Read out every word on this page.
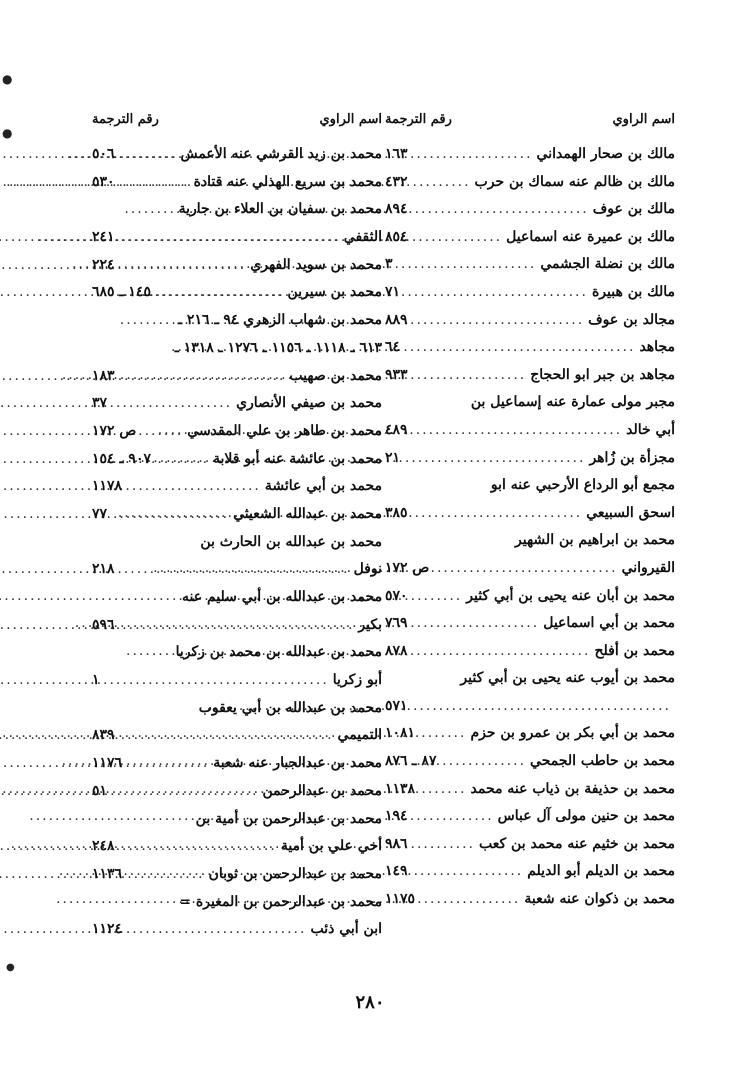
اسم الراوي
رقم الترجمة
مالك بن صحار الهمداني
.....
١٦٣
مالك بن ظالم عنه سماك بن حرب
.....
٤٣٢
مالك بن عوف
.....
٨٩٤
مالك بن عميرة عنه اسماعيل
.....
٨٥٤
مالك بن نضلة الجشمي
.....
٣
مالك بن هبيرة
.....
٧١
مجالد بن عوف
.....
٨٨٩
مجاهد
.....
٦٤
مجاهد بن جبر ابو الحجاج
.....
٩٣٣
مجبر مولى عمارة عنه إسماعيل بن
أبي خالد
.....
٤٨٩
مجزأة بن زُاهر
.....
٢١
مجمع أبو الرداع الأرحبي عنه ابو
اسحق السبيعي
.....
٣٨٥
محمد بن ابراهيم بن الشهير
القيرواني
.....
ص ١٧٢
محمد بن أبان عنه يحيى بن أبي كثير
.....
٥٧٠
محمد بن أبي اسماعيل
.....
٧٦٩
محمد بن أفلح
.....
٨٧٨
محمد بن أيوب عنه يحيى بن أبي كثير
.....
٥٧١
محمد بن أبي بكر بن عمرو بن حزم
.....
١٠٨١
محمد بن حاطب الجمحي
.....
٨٧ ـ ٨٧٦
محمد بن حذيفة بن ذياب عنه محمد
.....
١١٣٨
محمد بن حنين مولى آل عباس
.....
١٩٤
محمد بن خثيم عنه محمد بن كعب
.....
٩٨٦
محمد بن الديلم أبو الديلم
.....
١٤٩
محمد بن ذكوان عنه شعبة
.....
١١٧٥
اسم الراوي
رقم الترجمة
محمد بن زيد القرشي عنه الأعمش
.....
٥٠٦
محمد بن سريع الهذلي عنه قتادة
.....
٥٣٠
محمد بن سفيان بن العلاء بن جارية
الثقفي
.....
٢٤١
محمد بن سويد الفهري
.....
٢٢٤
محمد بن سيرين
.....
١٤٥ ـ ٦٨٥
محمد بن شهاب الزهري ٩٤ ـ ٢١٦ ـ
٦١٣ ـ ١١١٨ ـ ١١٥٦ ـ ١٢٧٦ ـ ١٣١٨ ـ
محمد بن صهيب
.....
١٨٣
محمد بن صيفي الأنصاري
.....
٣٧
محمد بن طاهر بن علي المقدسي
.....
ص ١٧٢
محمد بن عائشة عنه أبو قلابة
.....
٩٠٧ ـ ١٥٤
محمد بن أبي عائشة
.....
١١٧٨
محمد بن عبدالله الشعيثي
.....
٧٧
محمد بن عبدالله بن الحارث بن
نوفل
.....
٢١٨
محمد بن عبدالله بن أبي سليم عنه
بكير
.....
٥٩٦
محمد بن عبدالله بن محمد بن زكريا
أبو زكريا
.....
١
محمد بن عبدالله بن أبي يعقوب
التميمي
.....
٨٣٩
محمد بن عبدالجبار عنه شعبة
.....
١١٧٦
محمد بن عبدالرحمن
.....
٥١
محمد بن عبدالرحمن بن أمية بن
أخي علي بن أمية
.....
٢٤٨
محمد بن عبدالرحمن بن ثوبان
.....
١١٣٦
محمد بن عبدالرحمن بن المغيرة =
ابن أبي ذئب
.....
١١٢٤
٢٨٠
●
●
●
